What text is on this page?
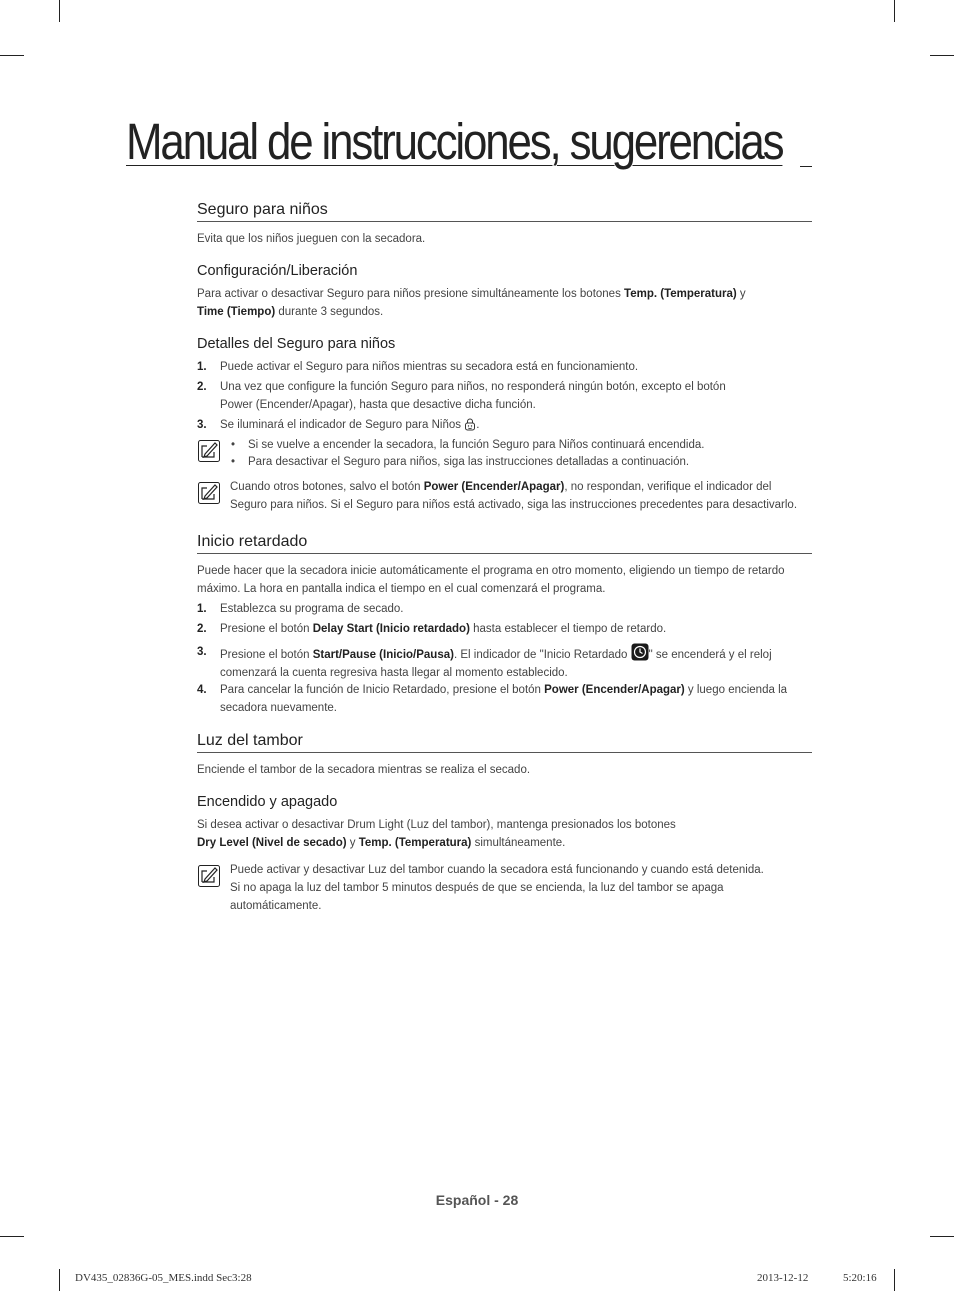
Manual de instrucciones, sugerencias
Seguro para niños
Evita que los niños jueguen con la secadora.
Configuración/Liberación
Para activar o desactivar Seguro para niños presione simultáneamente los botones Temp. (Temperatura) y
Time (Tiempo) durante 3 segundos.
Detalles del Seguro para niños
1. Puede activar el Seguro para niños mientras su secadora está en funcionamiento.
2. Una vez que configure la función Seguro para niños, no responderá ningún botón, excepto el botón
Power (Encender/Apagar), hasta que desactive dicha función.
3. Se iluminará el indicador de Seguro para Niños .
• Si se vuelve a encender la secadora, la función Seguro para Niños continuará encendida.
• Para desactivar el Seguro para niños, siga las instrucciones detalladas a continuación.
Cuando otros botones, salvo el botón Power (Encender/Apagar), no respondan, verifique el indicador del
Seguro para niños. Si el Seguro para niños está activado, siga las instrucciones precedentes para desactivarlo.
Inicio retardado
Puede hacer que la secadora inicie automáticamente el programa en otro momento, eligiendo un tiempo de retardo
máximo. La hora en pantalla indica el tiempo en el cual comenzará el programa.
1. Establezca su programa de secado.
2. Presione el botón Delay Start (Inicio retardado) hasta establecer el tiempo de retardo.
3. Presione el botón Start/Pause (Inicio/Pausa). El indicador de "Inicio Retardado " se encenderá y el reloj
comenzará la cuenta regresiva hasta llegar al momento establecido.
4. Para cancelar la función de Inicio Retardado, presione el botón Power (Encender/Apagar) y luego encienda la
secadora nuevamente.
Luz del tambor
Enciende el tambor de la secadora mientras se realiza el secado.
Encendido y apagado
Si desea activar o desactivar Drum Light (Luz del tambor), mantenga presionados los botones
Dry Level (Nivel de secado) y Temp. (Temperatura) simultáneamente.
Puede activar y desactivar Luz del tambor cuando la secadora está funcionando y cuando está detenida.
Si no apaga la luz del tambor 5 minutos después de que se encienda, la luz del tambor se apaga
automáticamente.
Español - 28
DV435_02836G-05_MES.indd Sec3:28	2013-12-12	5:20:16
